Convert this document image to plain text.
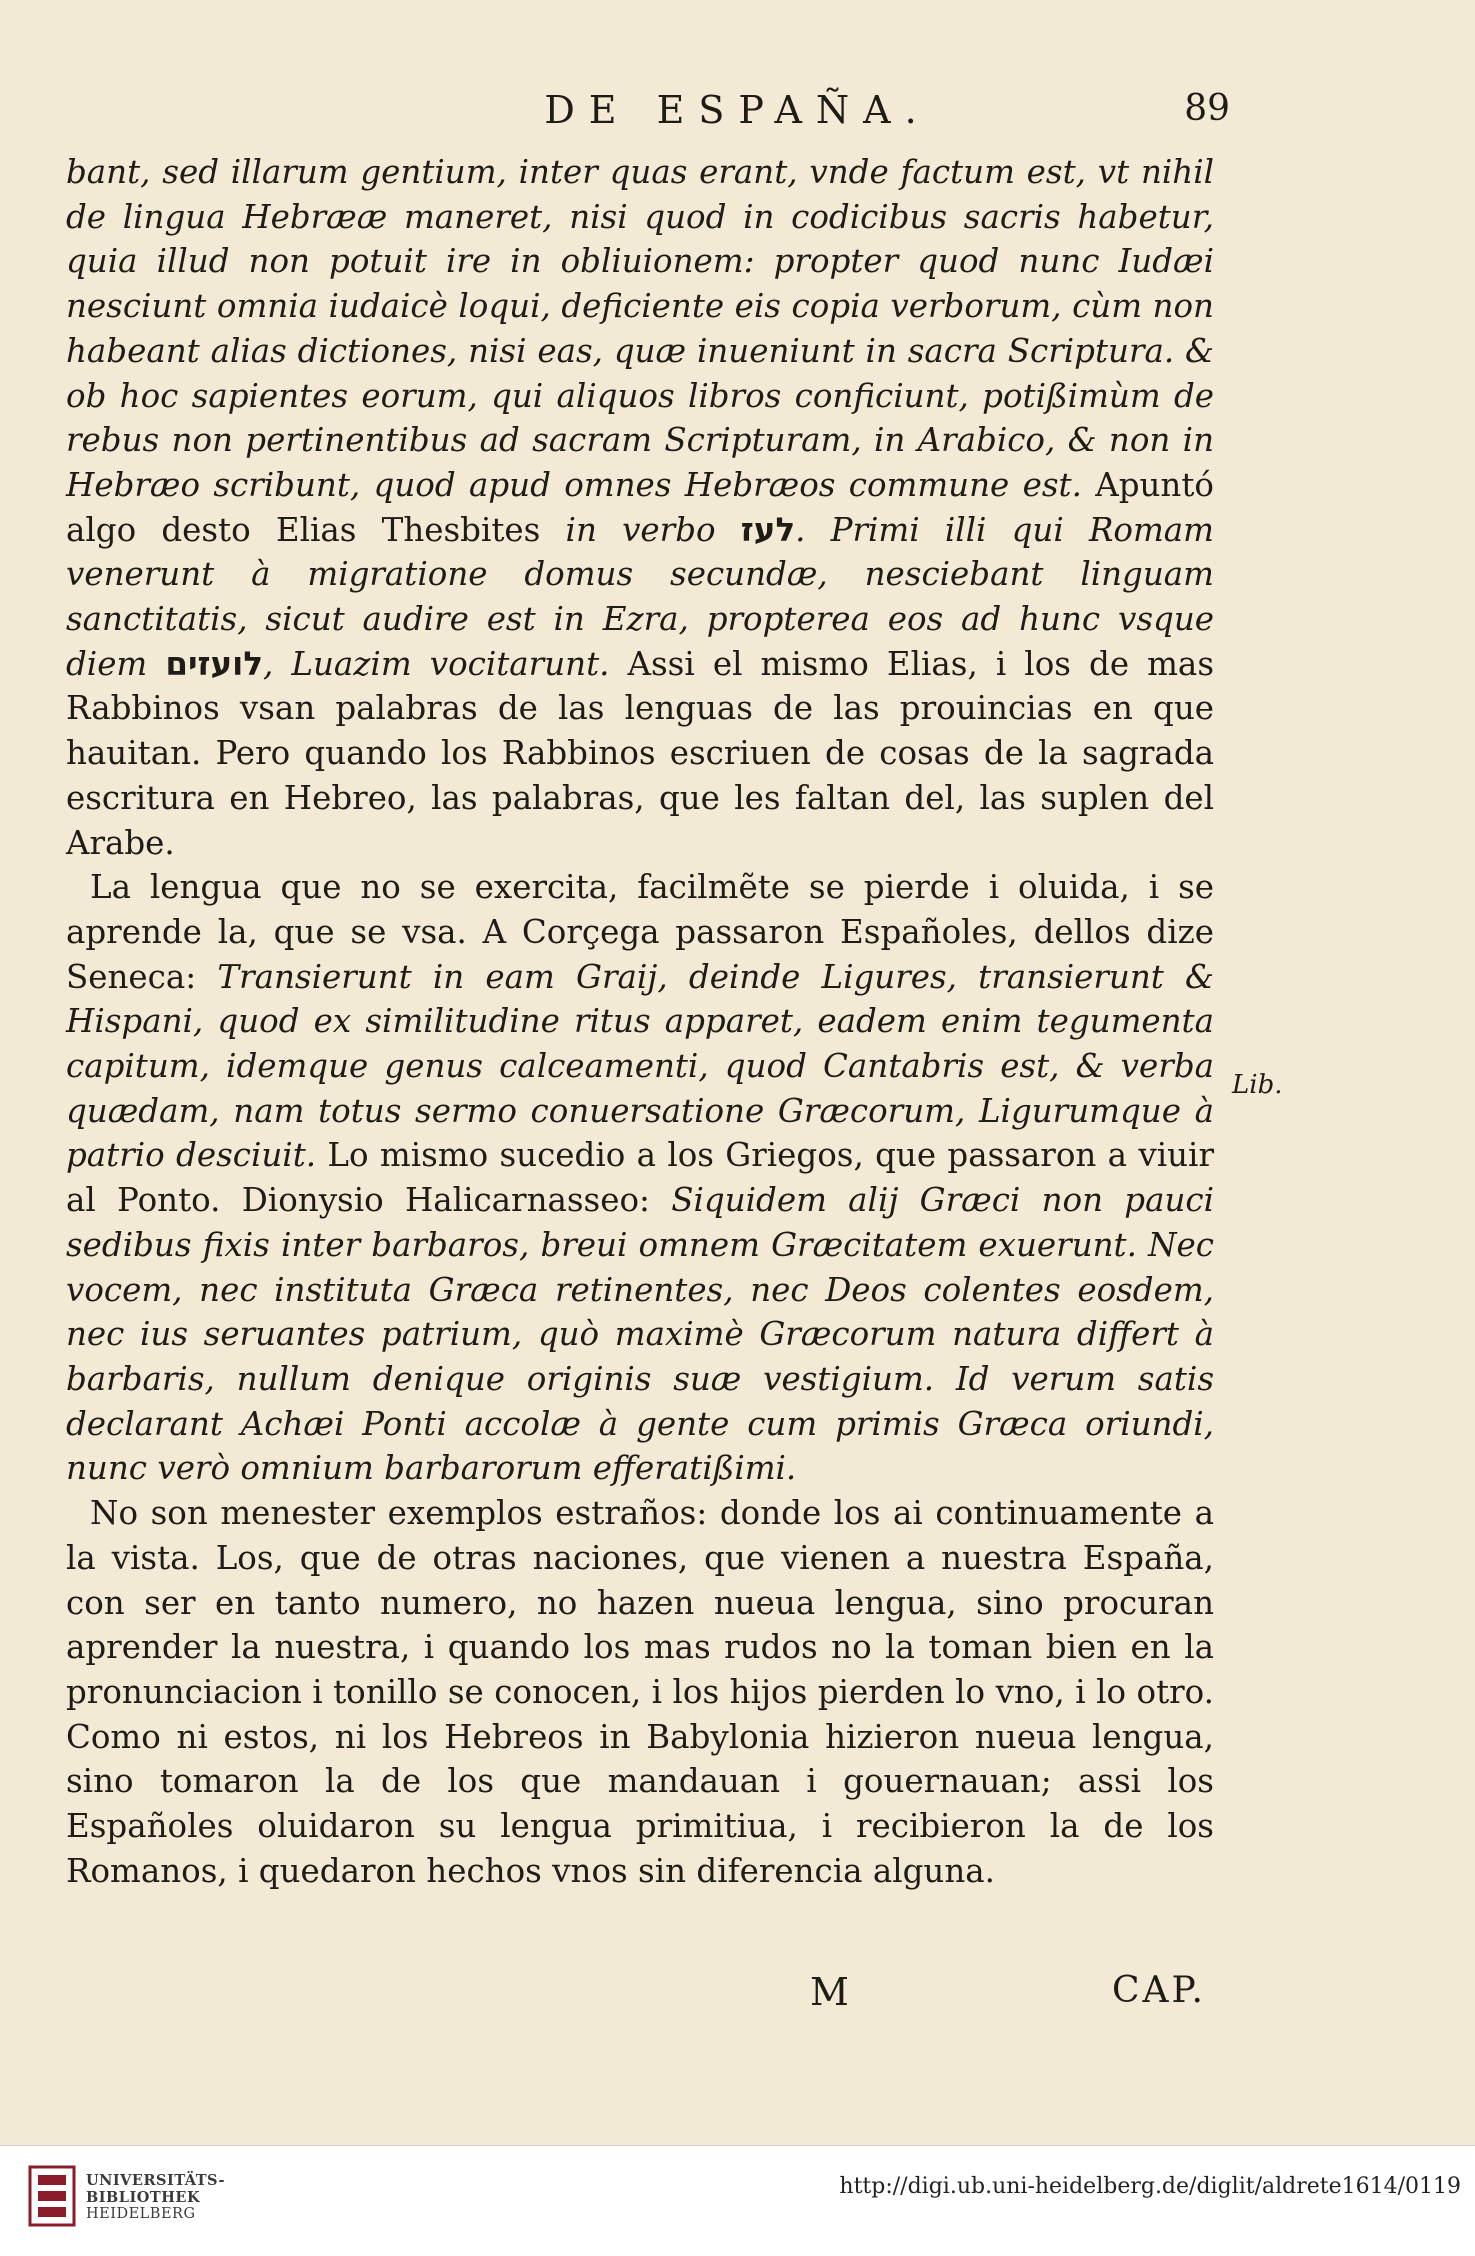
DE ESPAÑA.	89

bant, sed illarum gentium, inter quas erant, vnde factum est, vt nihil de lingua Hebrææ maneret, nisi quod in codicibus sacris habetur, quia illud non potuit ire in obliuionem: propter quod nunc Iudæi nesciunt omnia iudaicè loqui, deficiente eis copia verborum, cùm non habeant alias dictiones, nisi eas, quæ inueniunt in sacra Scriptura. & ob hoc sapientes eorum, qui aliquos libros conficiunt, potißimùm de rebus non pertinentibus ad sacram Scripturam, in Arabico, & non in Hebræo scribunt, quod apud omnes Hebræos commune est. Apuntó algo desto Elias Thesbites in verbo לעז. Primi illi qui Romam venerunt à migratione domus secundæ, nesciebant linguam sanctitatis, sicut audire est in Ezra, propterea eos ad hunc vsque diem לועזים, Luazim vocitarunt. Assi el mismo Elias, i los de mas Rabbinos vsan palabras de las lenguas de las prouincias en que hauitan. Pero quando los Rabbinos escriuen de cosas de la sagrada escritura en Hebreo, las palabras, que les faltan del, las suplen del Arabe.

La lengua que no se exercita, facilmẽte se pierde i oluida, i se aprende la, que se vsa. A Corçega passaron Españoles, dellos dize Seneca: Transierunt in eam Graij, deinde Ligures, transierunt & Hispani, quod ex similitudine ritus apparet, eadem enim tegumenta capitum, idemque genus calceamenti, quod Cantabris est, & verba quædam, nam totus sermo conuersatione Græcorum, Ligurumque à patrio desciuit. Lo mismo sucedio a los Griegos, que passaron a viuir al Ponto. Dionysio Halicarnasseo: Siquidem alij Græci non pauci sedibus fixis inter barbaros, breui omnem Græcitatem exuerunt. Nec vocem, nec instituta Græca retinentes, nec Deos colentes eosdem, nec ius seruantes patrium, quò maximè Græcorum natura differt à barbaris, nullum denique originis suæ vestigium. Id verum satis declarant Achæi Ponti accolæ à gente cum primis Græca oriundi, nunc verò omnium barbarorum efferatißimi.

No son menester exemplos estraños: donde los ai continuamente a la vista. Los, que de otras naciones, que vienen a nuestra España, con ser en tanto numero, no hazen nueua lengua, sino procuran aprender la nuestra, i quando los mas rudos no la toman bien en la pronunciacion i tonillo se conocen, i los hijos pierden lo vno, i lo otro. Como ni estos, ni los Hebreos in Babylonia hizieron nueua lengua, sino tomaron la de los que mandauan i gouernauan; assi los Españoles oluidaron su lengua primitiua, i recibieron la de los Romanos, i quedaron hechos vnos sin diferencia alguna.

Lib.
M	CAP.
UNIVERSITÄTS-
BIBLIOTHEK
HEIDELBERG
http://digi.ub.uni-heidelberg.de/diglit/aldrete1614/0119
